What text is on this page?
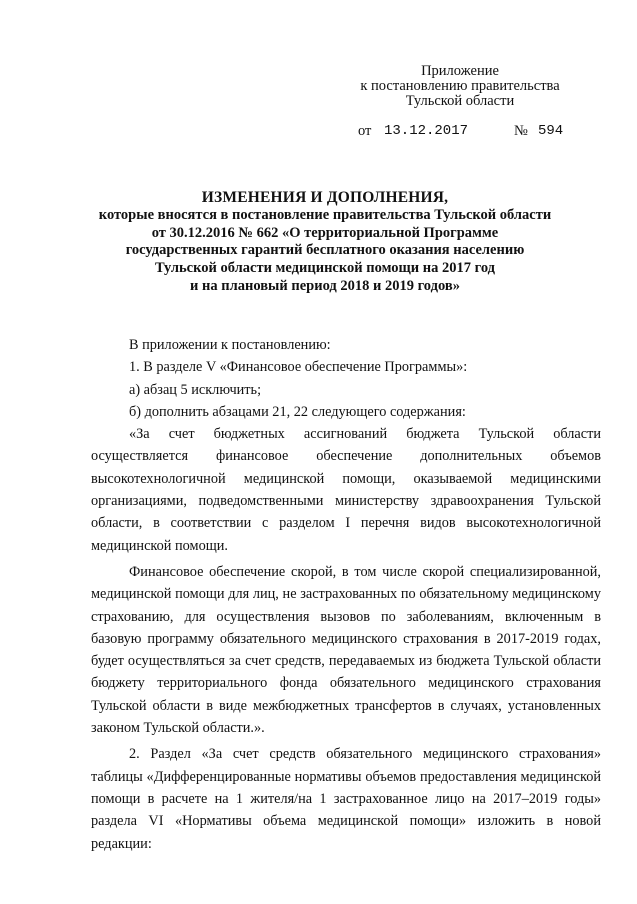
Приложение
к постановлению правительства
Тульской области
от 13.12.2017	№ 594
ИЗМЕНЕНИЯ И ДОПОЛНЕНИЯ,
которые вносятся в постановление правительства Тульской области
от 30.12.2016 № 662 «О территориальной Программе
государственных гарантий бесплатного оказания населению
Тульской области медицинской помощи на 2017 год
и на плановый период 2018 и 2019 годов»

В приложении к постановлению:

1. В разделе V «Финансовое обеспечение Программы»:

а) абзац 5 исключить;

б) дополнить абзацами 21, 22 следующего содержания:

«За счет бюджетных ассигнований бюджета Тульской области осуществляется финансовое обеспечение дополнительных объемов высокотехнологичной медицинской помощи, оказываемой медицинскими организациями, подведомственными министерству здравоохранения Тульской области, в соответствии с разделом I перечня видов высокотехнологичной медицинской помощи.

Финансовое обеспечение скорой, в том числе скорой специализированной, медицинской помощи для лиц, не застрахованных по обязательному медицинскому страхованию, для осуществления вызовов по заболеваниям, включенным в базовую программу обязательного медицинского страхования в 2017-2019 годах, будет осуществляться за счет средств, передаваемых из бюджета Тульской области бюджету территориального фонда обязательного медицинского страхования Тульской области в виде межбюджетных трансфертов в случаях, установленных законом Тульской области.».

2. Раздел «За счет средств обязательного медицинского страхования» таблицы «Дифференцированные нормативы объемов предоставления медицинской помощи в расчете на 1 жителя/на 1 застрахованное лицо на 2017–2019 годы» раздела VI «Нормативы объема медицинской помощи» изложить в новой редакции:
